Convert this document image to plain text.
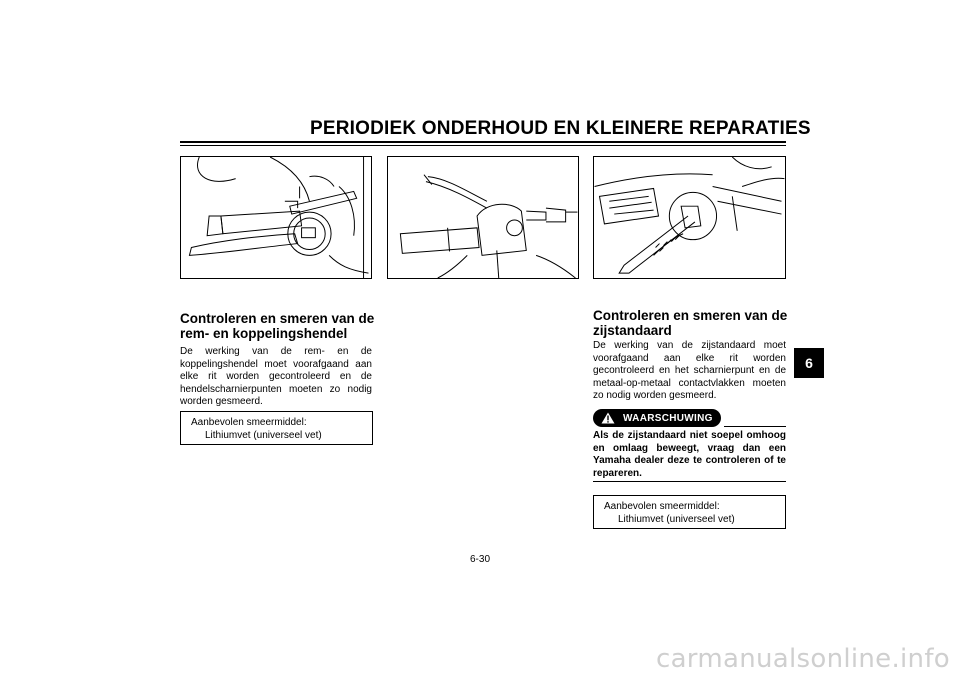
PERIODIEK ONDERHOUD EN KLEINERE REPARATIES
6
Controleren en smeren van de
rem- en koppelingshendel
De werking van de rem- en de koppelingshendel moet voorafgaand aan elke rit worden gecontroleerd en de hendelscharnierpunten moeten zo nodig worden gesmeerd.
Aanbevolen smeermiddel:
Lithiumvet (universeel vet)
Controleren en smeren van de
zijstandaard
De werking van de zijstandaard moet voorafgaand aan elke rit worden gecontroleerd en het scharnierpunt en de metaal-op-metaal contactvlakken moeten zo nodig worden gesmeerd.
WAARSCHUWING
Als de zijstandaard niet soepel omhoog en omlaag beweegt, vraag dan een Yamaha dealer deze te controleren of te repareren.
Aanbevolen smeermiddel:
Lithiumvet (universeel vet)
6-30
carmanualsonline.info
